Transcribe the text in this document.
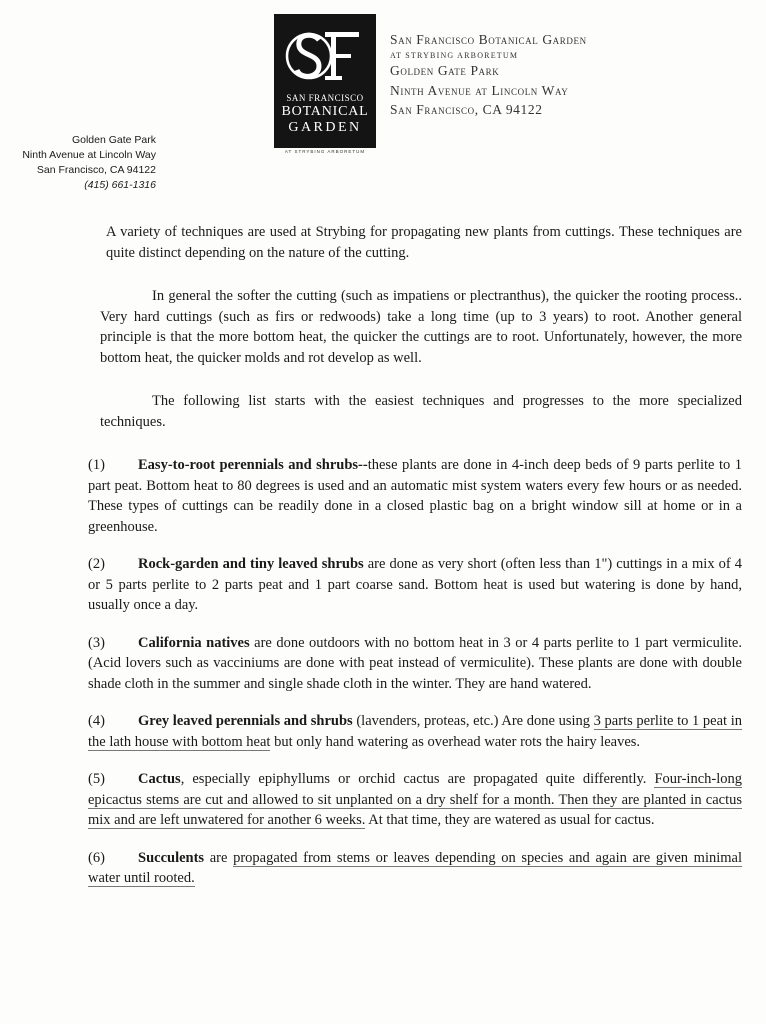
SAN FRANCISCO
BOTANICAL
GARDEN
AT STRYBING ARBORETUM
San Francisco Botanical Garden
AT STRYBING ARBORETUM
Golden Gate Park
Ninth Avenue at Lincoln Way
San Francisco, CA 94122
Golden Gate Park
Ninth Avenue at Lincoln Way
San Francisco, CA 94122
(415) 661-1316

A variety of techniques are used at Strybing for propagating new plants from cuttings. These techniques are quite distinct depending on the nature of the cutting.

In general the softer the cutting (such as impatiens or plectranthus), the quicker the rooting process.. Very hard cuttings (such as firs or redwoods) take a long time (up to 3 years) to root. Another general principle is that the more bottom heat, the quicker the cuttings are to root. Unfortunately, however, the more bottom heat, the quicker molds and rot develop as well.

The following list starts with the easiest techniques and progresses to the more specialized techniques.

(1) Easy-to-root perennials and shrubs--these plants are done in 4-inch deep beds of 9 parts perlite to 1 part peat. Bottom heat to 80 degrees is used and an automatic mist system waters every few hours or as needed. These types of cuttings can be readily done in a closed plastic bag on a bright window sill at home or in a greenhouse.

(2) Rock-garden and tiny leaved shrubs are done as very short (often less than 1") cuttings in a mix of 4 or 5 parts perlite to 2 parts peat and 1 part coarse sand. Bottom heat is used but watering is done by hand, usually once a day.

(3) California natives are done outdoors with no bottom heat in 3 or 4 parts perlite to 1 part vermiculite. (Acid lovers such as vacciniums are done with peat instead of vermiculite). These plants are done with double shade cloth in the summer and single shade cloth in the winter. They are hand watered.

(4) Grey leaved perennials and shrubs (lavenders, proteas, etc.) Are done using 3 parts perlite to 1 peat in the lath house with bottom heat but only hand watering as overhead water rots the hairy leaves.

(5) Cactus, especially epiphyllums or orchid cactus are propagated quite differently. Four-inch-long epicactus stems are cut and allowed to sit unplanted on a dry shelf for a month. Then they are planted in cactus mix and are left unwatered for another 6 weeks. At that time, they are watered as usual for cactus.

(6) Succulents are propagated from stems or leaves depending on species and again are given minimal water until rooted.
